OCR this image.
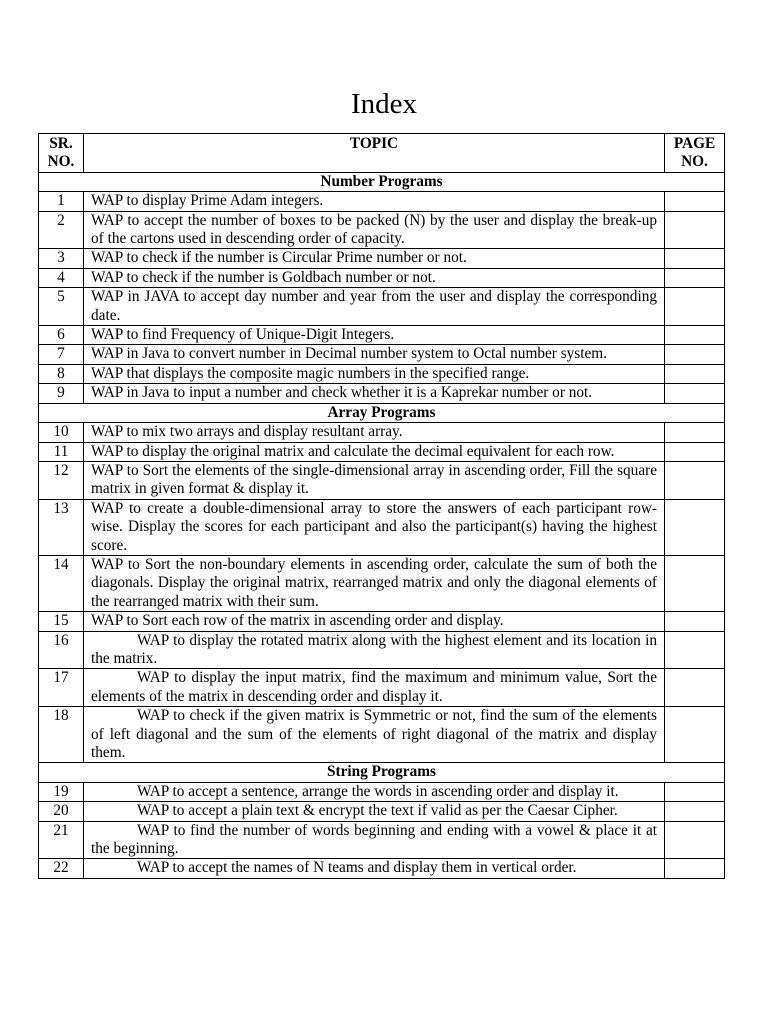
Index
SR. NO.	TOPIC	PAGE NO.
Number Programs		
1	WAP to display Prime Adam integers.	
2	WAP to accept the number of boxes to be packed (N) by the user and display the break-up of the cartons used in descending order of capacity.	
3	WAP to check if the number is Circular Prime number or not.	
4	WAP to check if the number is Goldbach number or not.	
5	WAP in JAVA to accept day number and year from the user and display the corresponding date.	
6	WAP to find Frequency of Unique-Digit Integers.	
7	WAP in Java to convert number in Decimal number system to Octal number system.	
8	WAP that displays the composite magic numbers in the specified range.	
9	WAP in Java to input a number and check whether it is a Kaprekar number or not.	
Array Programs		
10	WAP to mix two arrays and display resultant array.	
11	WAP to display the original matrix and calculate the decimal equivalent for each row.	
12	WAP to Sort the elements of the single-dimensional array in ascending order, Fill the square matrix in given format & display it.	
13	WAP to create a double-dimensional array to store the answers of each participant row-wise. Display the scores for each participant and also the participant(s) having the highest score.	
14	WAP to Sort the non-boundary elements in ascending order, calculate the sum of both the diagonals. Display the original matrix, rearranged matrix and only the diagonal elements of the rearranged matrix with their sum.	
15	WAP to Sort each row of the matrix in ascending order and display.	
16	WAP to display the rotated matrix along with the highest element and its location in the matrix.	
17	WAP to display the input matrix, find the maximum and minimum value, Sort the elements of the matrix in descending order and display it.	
18	WAP to check if the given matrix is Symmetric or not, find the sum of the elements of left diagonal and the sum of the elements of right diagonal of the matrix and display them.	
String Programs		
19	WAP to accept a sentence, arrange the words in ascending order and display it.	
20	WAP to accept a plain text & encrypt the text if valid as per the Caesar Cipher.	
21	WAP to find the number of words beginning and ending with a vowel & place it at the beginning.	
22	WAP to accept the names of N teams and display them in vertical order.	
